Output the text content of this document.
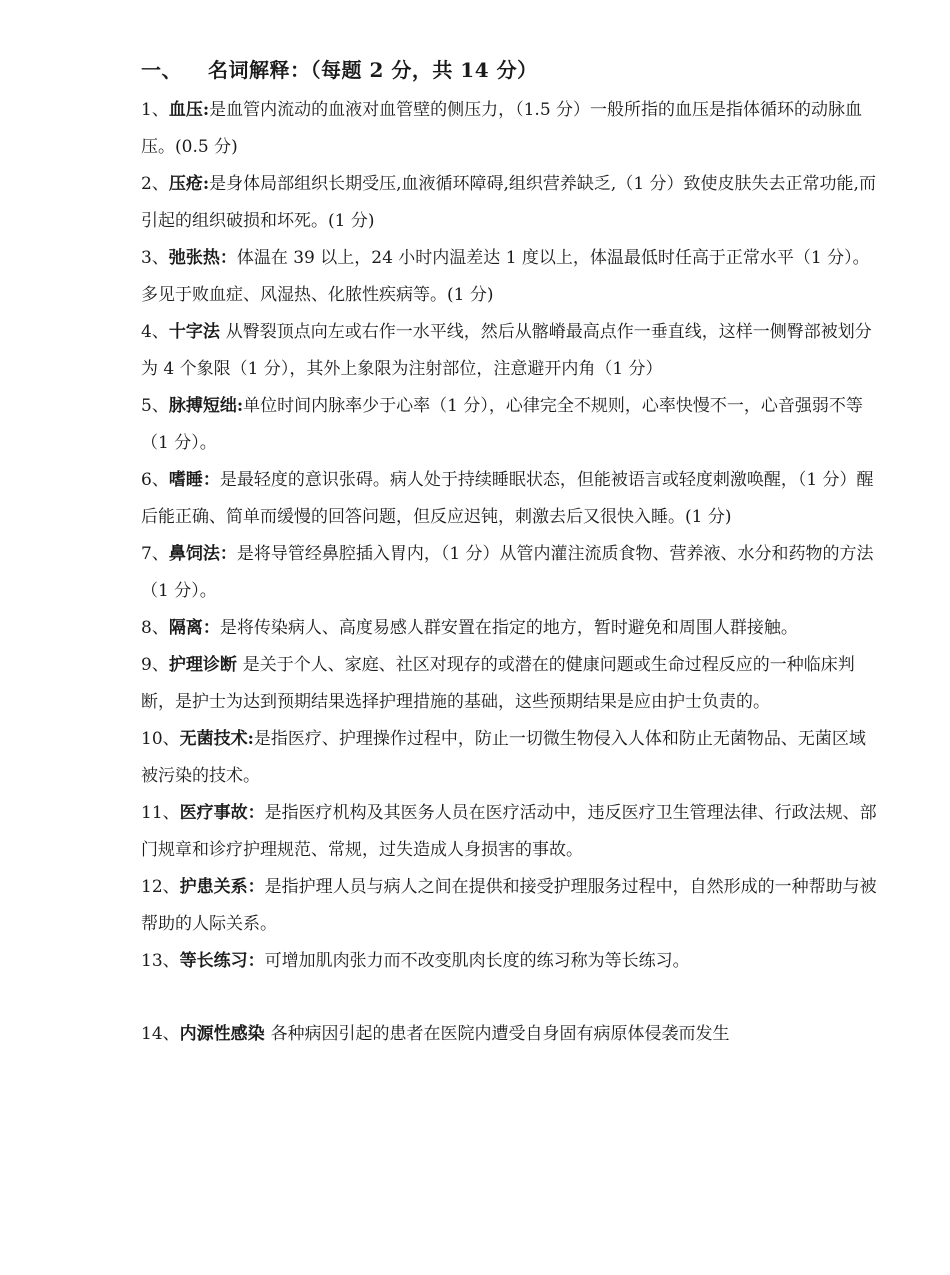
一、 名词解释：（每题 2 分，共 14 分）

1、血压:是血管内流动的血液对血管壁的侧压力，（1.5 分）一般所指的血压是指体循环的动脉血压。(0.5 分)

2、压疮:是身体局部组织长期受压,血液循环障碍,组织营养缺乏,（1 分）致使皮肤失去正常功能,而引起的组织破损和坏死。(1 分)

3、弛张热：体温在 39 以上，24 小时内温差达 1 度以上，体温最低时任高于正常水平（1 分）。多见于败血症、风湿热、化脓性疾病等。(1 分)

4、十字法 从臀裂顶点向左或右作一水平线，然后从髂嵴最高点作一垂直线，这样一侧臀部被划分为 4 个象限（1 分），其外上象限为注射部位，注意避开内角（1 分）

5、脉搏短绌:单位时间内脉率少于心率（1 分），心律完全不规则，心率快慢不一，心音强弱不等（1 分）。

6、嗜睡：是最轻度的意识张碍。病人处于持续睡眠状态，但能被语言或轻度刺激唤醒，（1 分）醒后能正确、简单而缓慢的回答问题，但反应迟钝，刺激去后又很快入睡。(1 分)

7、鼻饲法：是将导管经鼻腔插入胃内，（1 分）从管内灌注流质食物、营养液、水分和药物的方法（1 分）。

8、隔离：是将传染病人、高度易感人群安置在指定的地方，暂时避免和周围人群接触。

9、护理诊断 是关于个人、家庭、社区对现存的或潜在的健康问题或生命过程反应的一种临床判断，是护士为达到预期结果选择护理措施的基础，这些预期结果是应由护士负责的。

10、无菌技术:是指医疗、护理操作过程中，防止一切微生物侵入人体和防止无菌物品、无菌区域被污染的技术。

11、医疗事故：是指医疗机构及其医务人员在医疗活动中，违反医疗卫生管理法律、行政法规、部门规章和诊疗护理规范、常规，过失造成人身损害的事故。

12、护患关系：是指护理人员与病人之间在提供和接受护理服务过程中，自然形成的一种帮助与被帮助的人际关系。

13、等长练习：可增加肌肉张力而不改变肌肉长度的练习称为等长练习。

14、内源性感染 各种病因引起的患者在医院内遭受自身固有病原体侵袭而发生
